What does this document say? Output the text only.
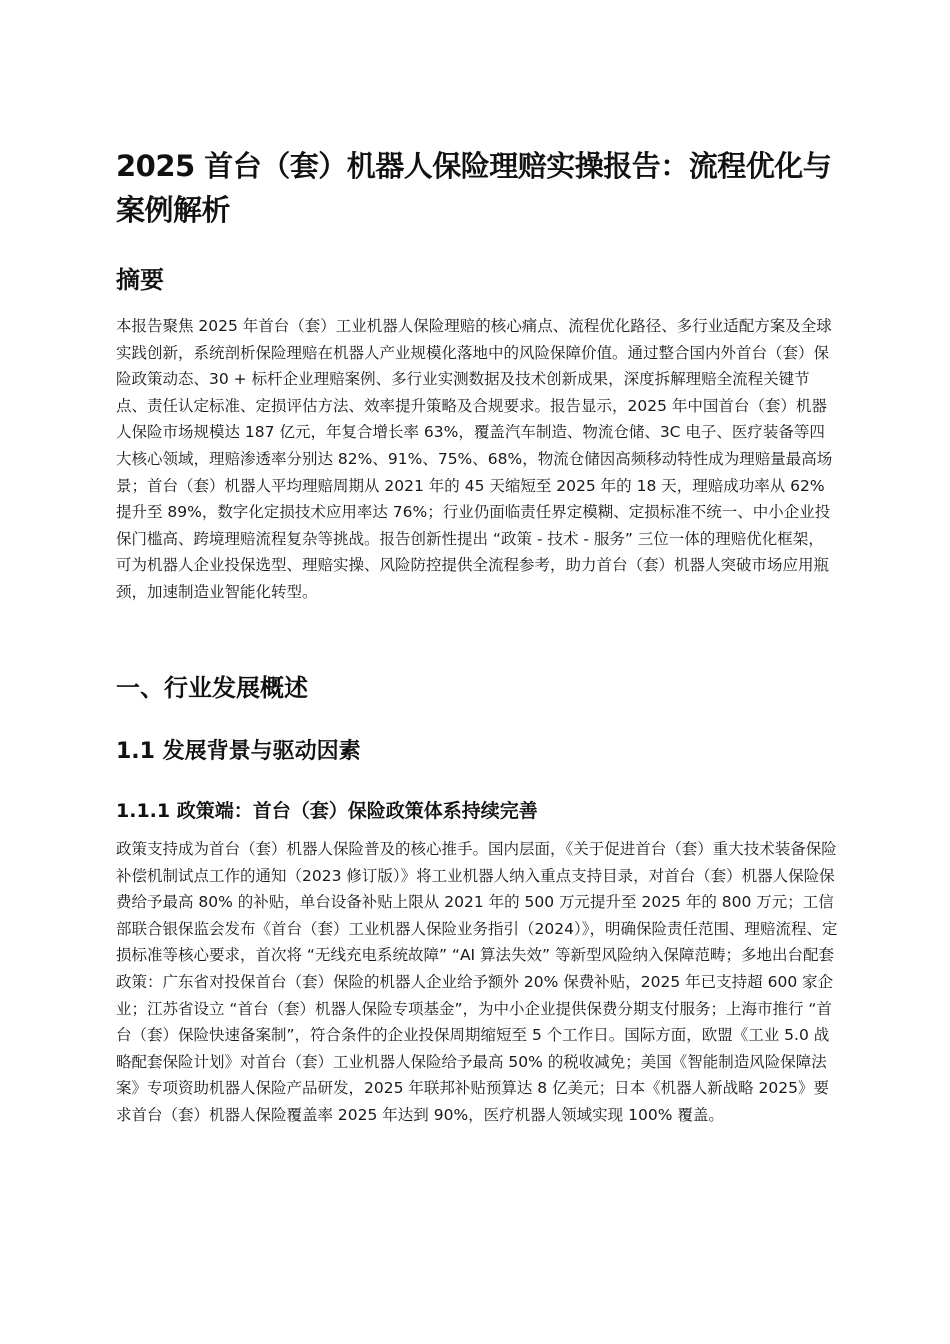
2025 首台（套）机器人保险理赔实操报告：流程优化与案例解析
摘要

本报告聚焦 2025 年首台（套）工业机器人保险理赔的核心痛点、流程优化路径、多行业适配方案及全球实践创新，系统剖析保险理赔在机器人产业规模化落地中的风险保障价值。通过整合国内外首台（套）保险政策动态、30 + 标杆企业理赔案例、多行业实测数据及技术创新成果，深度拆解理赔全流程关键节点、责任认定标准、定损评估方法、效率提升策略及合规要求。报告显示，2025 年中国首台（套）机器人保险市场规模达 187 亿元，年复合增长率 63%，覆盖汽车制造、物流仓储、3C 电子、医疗装备等四大核心领域，理赔渗透率分别达 82%、91%、75%、68%，物流仓储因高频移动特性成为理赔量最高场景；首台（套）机器人平均理赔周期从 2021 年的 45 天缩短至 2025 年的 18 天，理赔成功率从 62% 提升至 89%，数字化定损技术应用率达 76%；行业仍面临责任界定模糊、定损标准不统一、中小企业投保门槛高、跨境理赔流程复杂等挑战。报告创新性提出 “政策 - 技术 - 服务” 三位一体的理赔优化框架，可为机器人企业投保选型、理赔实操、风险防控提供全流程参考，助力首台（套）机器人突破市场应用瓶颈，加速制造业智能化转型。

一、行业发展概述
1.1 发展背景与驱动因素
1.1.1 政策端：首台（套）保险政策体系持续完善

政策支持成为首台（套）机器人保险普及的核心推手。国内层面，《关于促进首台（套）重大技术装备保险补偿机制试点工作的通知（2023 修订版）》将工业机器人纳入重点支持目录，对首台（套）机器人保险保费给予最高 80% 的补贴，单台设备补贴上限从 2021 年的 500 万元提升至 2025 年的 800 万元；工信部联合银保监会发布《首台（套）工业机器人保险业务指引（2024）》，明确保险责任范围、理赔流程、定损标准等核心要求，首次将 “无线充电系统故障” “AI 算法失效” 等新型风险纳入保障范畴；多地出台配套政策：广东省对投保首台（套）保险的机器人企业给予额外 20% 保费补贴，2025 年已支持超 600 家企业；江苏省设立 “首台（套）机器人保险专项基金”，为中小企业提供保费分期支付服务；上海市推行 “首台（套）保险快速备案制”，符合条件的企业投保周期缩短至 5 个工作日。国际方面，欧盟《工业 5.0 战略配套保险计划》对首台（套）工业机器人保险给予最高 50% 的税收减免；美国《智能制造风险保障法案》专项资助机器人保险产品研发，2025 年联邦补贴预算达 8 亿美元；日本《机器人新战略 2025》要求首台（套）机器人保险覆盖率 2025 年达到 90%，医疗机器人领域实现 100% 覆盖。
